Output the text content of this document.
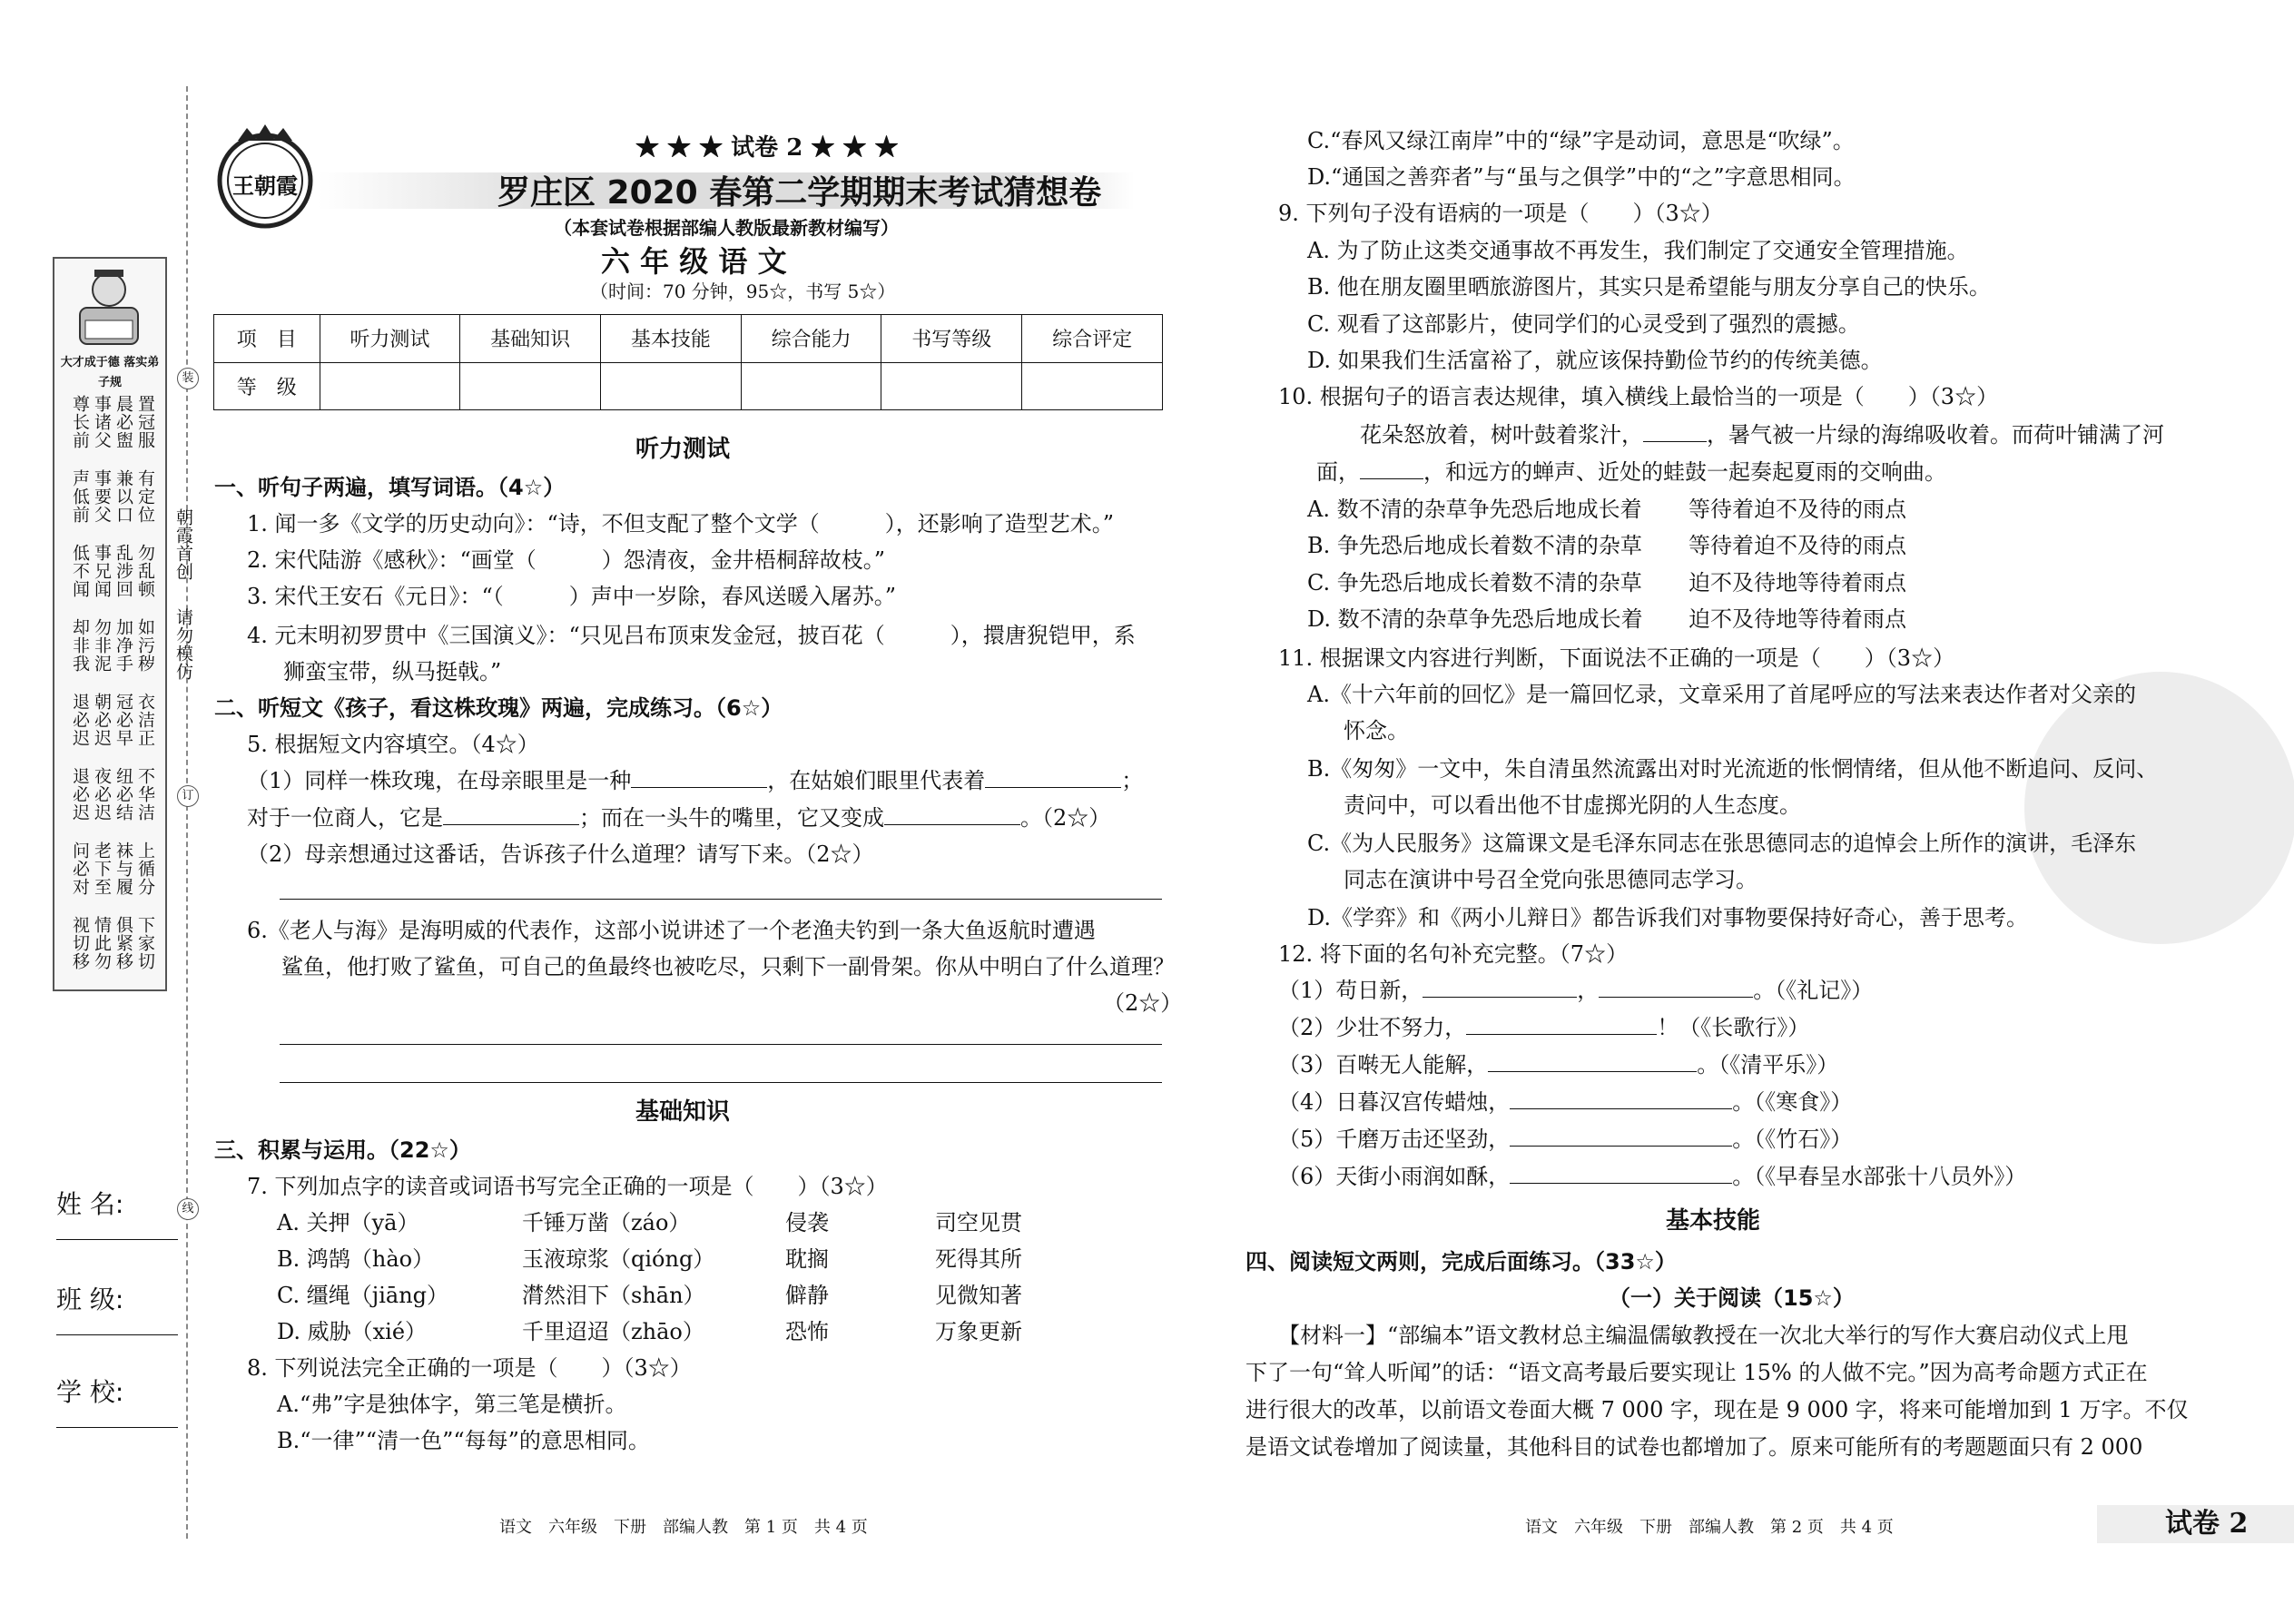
装
订
线
朝霞首创
请勿模仿
大才成于德 落实弟子规
置冠服
晨必盥
事诸父
尊长前
有定位
兼以口
事要父
声低前
勿乱顿
乱涉回
事兄闻
低不闻
如污秽
加净手
勿非泥
却非我
衣洁正
冠必早
朝必迟
退必迟
不华洁
纽必结
夜必迟
退必迟
上循分
袜与履
老下至
问必对
下家切
俱紧移
情此勿
视切移
姓 名:
班 级:
学 校:
王朝霞
★ ★ ★ 试卷 2 ★ ★ ★
罗庄区 2020 春第二学期期末考试猜想卷
（本套试卷根据部编人教版最新教材编写）
六 年 级 语 文
（时间：70 分钟，95☆，书写 5☆）
项　目	听力测试	基础知识	基本技能	综合能力	书写等级	综合评定
等　级						
听力测试
一、听句子两遍，填写词语。（4☆）
1. 闻一多《文学的历史动向》：“诗，不但支配了整个文学（　　　），还影响了造型艺术。”
2. 宋代陆游《感秋》：“画堂（　　　）怨清夜，金井梧桐辞故枝。”
3. 宋代王安石《元日》：“（　　　）声中一岁除，春风送暖入屠苏。”
4. 元末明初罗贯中《三国演义》：“只见吕布顶束发金冠，披百花（　　　），擐唐猊铠甲，系
狮蛮宝带，纵马挺戟。”
二、听短文《孩子，看这株玫瑰》两遍，完成练习。（6☆）
5. 根据短文内容填空。（4☆）
（1）同样一株玫瑰，在母亲眼里是一种	，在姑娘们眼里代表着	；
对于一位商人，它是	；而在一头牛的嘴里，它又变成	。（2☆）
（2）母亲想通过这番话，告诉孩子什么道理？请写下来。（2☆）
6.《老人与海》是海明威的代表作，这部小说讲述了一个老渔夫钓到一条大鱼返航时遭遇
鲨鱼，他打败了鲨鱼，可自己的鱼最终也被吃尽，只剩下一副骨架。你从中明白了什么道理？
（2☆）
基础知识
三、积累与运用。（22☆）
7. 下列加点字的读音或词语书写完全正确的一项是（　　）（3☆）
A. 关押（yā）	千锤万凿（záo）	侵袭	司空见贯
B. 鸿鹄（hào）	玉液琼浆（qióng）	耽搁	死得其所
C. 缰绳（jiāng）	潸然泪下（shān）	僻静	见微知著
D. 威胁（xié）	千里迢迢（zhāo）	恐怖	万象更新
8. 下列说法完全正确的一项是（　　）（3☆）
A.“弗”字是独体字，第三笔是横折。
B.“一律”“清一色”“每每”的意思相同。
语文　六年级　下册　部编人教　第 1 页　共 4 页
C.“春风又绿江南岸”中的“绿”字是动词，意思是“吹绿”。
D.“通国之善弈者”与“虽与之俱学”中的“之”字意思相同。
9. 下列句子没有语病的一项是（　　）（3☆）
A. 为了防止这类交通事故不再发生，我们制定了交通安全管理措施。
B. 他在朋友圈里晒旅游图片，其实只是希望能与朋友分享自己的快乐。
C. 观看了这部影片，使同学们的心灵受到了强烈的震撼。
D. 如果我们生活富裕了，就应该保持勤俭节约的传统美德。
10. 根据句子的语言表达规律，填入横线上最恰当的一项是（　　）（3☆）
花朵怒放着，树叶鼓着浆汁，	，暑气被一片绿的海绵吸收着。而荷叶铺满了河
面，	，和远方的蝉声、近处的蛙鼓一起奏起夏雨的交响曲。
A. 数不清的杂草争先恐后地成长着 等待着迫不及待的雨点
B. 争先恐后地成长着数不清的杂草 等待着迫不及待的雨点
C. 争先恐后地成长着数不清的杂草 迫不及待地等待着雨点
D. 数不清的杂草争先恐后地成长着 迫不及待地等待着雨点
11. 根据课文内容进行判断，下面说法不正确的一项是（　　）（3☆）
A.《十六年前的回忆》是一篇回忆录，文章采用了首尾呼应的写法来表达作者对父亲的
怀念。
B.《匆匆》一文中，朱自清虽然流露出对时光流逝的怅惘情绪，但从他不断追问、反问、
责问中，可以看出他不甘虚掷光阴的人生态度。
C.《为人民服务》这篇课文是毛泽东同志在张思德同志的追悼会上所作的演讲，毛泽东
同志在演讲中号召全党向张思德同志学习。
D.《学弈》和《两小儿辩日》都告诉我们对事物要保持好奇心，善于思考。
12. 将下面的名句补充完整。（7☆）
（1）苟日新，	，	。（《礼记》）
（2）少壮不努力，	！（《长歌行》）
（3）百啭无人能解，	。（《清平乐》）
（4）日暮汉宫传蜡烛，	。（《寒食》）
（5）千磨万击还坚劲，	。（《竹石》）
（6）天街小雨润如酥，	。（《早春呈水部张十八员外》）
基本技能
四、阅读短文两则，完成后面练习。（33☆）
（一）关于阅读（15☆）
【材料一】“部编本”语文教材总主编温儒敏教授在一次北大举行的写作大赛启动仪式上甩
下了一句“耸人听闻”的话：“语文高考最后要实现让 15% 的人做不完。”因为高考命题方式正在
进行很大的改革，以前语文卷面大概 7 000 字，现在是 9 000 字，将来可能增加到 1 万字。不仅
是语文试卷增加了阅读量，其他科目的试卷也都增加了。原来可能所有的考题题面只有 2 000
语文　六年级　下册　部编人教　第 2 页　共 4 页	试卷 2
